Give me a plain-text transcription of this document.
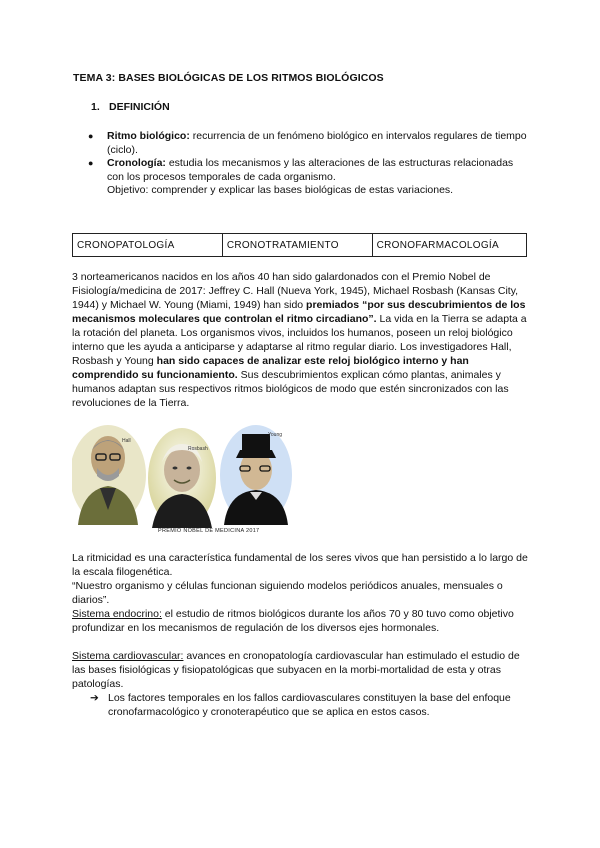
TEMA 3: BASES BIOLÓGICAS DE LOS RITMOS BIOLÓGICOS
1. DEFINICIÓN
● Ritmo biológico: recurrencia de un fenómeno biológico en intervalos regulares de tiempo (ciclo).
● Cronología: estudia los mecanismos y las alteraciones de las estructuras relacionadas con los procesos temporales de cada organismo.
Objetivo: comprender y explicar las bases biológicas de estas variaciones.
CRONOPATOLOGÍA	CRONOTRATAMIENTO	CRONOFARMACOLOGÍA
3 norteamericanos nacidos en los años 40 han sido galardonados con el Premio Nobel de Fisiología/medicina de 2017: Jeffrey C. Hall (Nueva York, 1945), Michael Rosbash (Kansas City, 1944) y Michael W. Young (Miami, 1949) han sido premiados “por sus descubrimientos de los mecanismos moleculares que controlan el ritmo circadiano”. La vida en la Tierra se adapta a la rotación del planeta. Los organismos vivos, incluidos los humanos, poseen un reloj biológico interno que les ayuda a anticiparse y adaptarse al ritmo regular diario. Los investigadores Hall, Rosbash y Young han sido capaces de analizar este reloj biológico interno y han comprendido su funcionamiento. Sus descubrimientos explican cómo plantas, animales y humanos adaptan sus respectivos ritmos biológicos de modo que estén sincronizados con las revoluciones de la Tierra.
Hall
Rosbash
Young
PREMIO NOBEL DE MEDICINA 2017
La ritmicidad es una característica fundamental de los seres vivos que han persistido a lo largo de la escala filogenética.
“Nuestro organismo y células funcionan siguiendo modelos periódicos anuales, mensuales o diarios”.
Sistema endocrino: el estudio de ritmos biológicos durante los años 70 y 80 tuvo como objetivo profundizar en los mecanismos de regulación de los diversos ejes hormonales.
Sistema cardiovascular: avances en cronopatología cardiovascular han estimulado el estudio de las bases fisiológicas y fisiopatológicas que subyacen en la morbi-mortalidad de esta y otras patologías.
➔ Los factores temporales en los fallos cardiovasculares constituyen la base del enfoque cronofarmacológico y cronoterapéutico que se aplica en estos casos.
